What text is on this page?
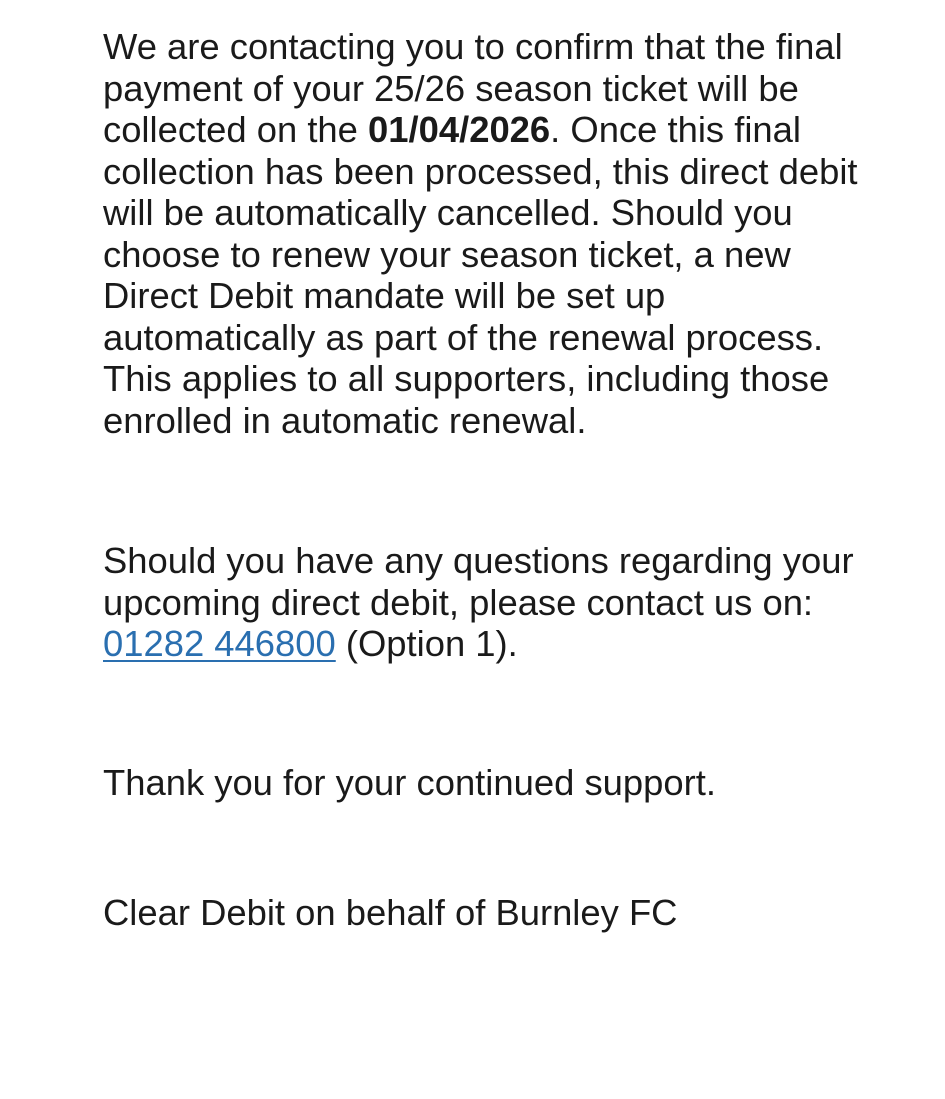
We are contacting you to confirm that the final payment of your 25/26 season ticket will be collected on the 01/04/2026. Once this final collection has been processed, this direct debit will be automatically cancelled. Should you choose to renew your season ticket, a new Direct Debit mandate will be set up automatically as part of the renewal process. This applies to all supporters, including those enrolled in automatic renewal.

Should you have any questions regarding your upcoming direct debit, please contact us on: 01282 446800 (Option 1).

Thank you for your continued support.

Clear Debit on behalf of Burnley FC
